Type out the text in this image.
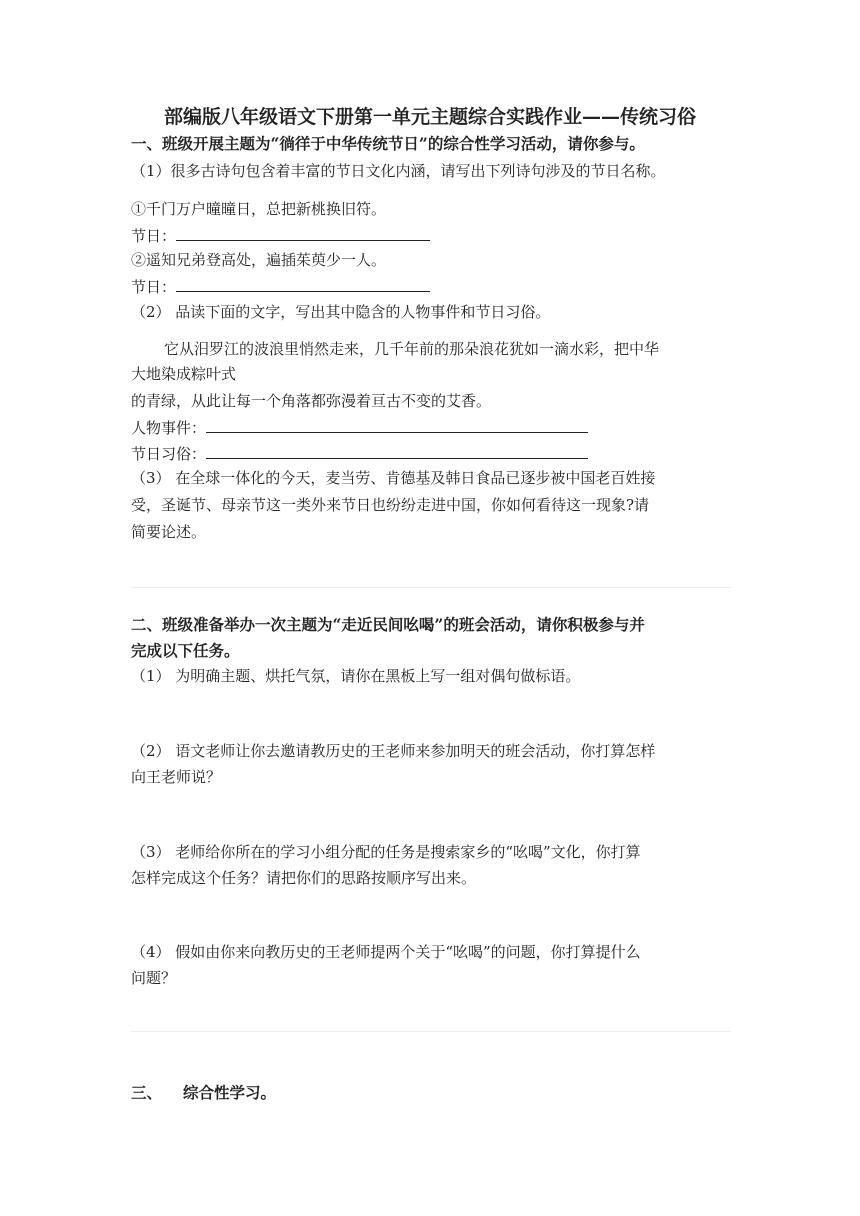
部编版八年级语文下册第一单元主题综合实践作业——传统习俗
一、班级开展主题为“徜徉于中华传统节日”的综合性学习活动，请你参与。
（1）很多古诗句包含着丰富的节日文化内涵，请写出下列诗句涉及的节日名称。
①千门万户曈曈日，总把新桃换旧符。
节日：
②遥知兄弟登高处，遍插茱萸少一人。
节日：
（2） 品读下面的文字，写出其中隐含的人物事件和节日习俗。
它从汨罗江的波浪里悄然走来，几千年前的那朵浪花犹如一滴水彩，把中华
大地染成粽叶式
的青绿，从此让每一个角落都弥漫着亘古不变的艾香。
人物事件：
节日习俗：
（3） 在全球一体化的今天，麦当劳、肯德基及韩日食品已逐步被中国老百姓接
受，圣诞节、母亲节这一类外来节日也纷纷走进中国，你如何看待这一现象?请
简要论述。
二、班级准备举办一次主题为“走近民间吆喝”的班会活动，请你积极参与并
完成以下任务。
（1） 为明确主题、烘托气氛，请你在黑板上写一组对偶句做标语。
（2） 语文老师让你去邀请教历史的王老师来参加明天的班会活动，你打算怎样
向王老师说？
（3） 老师给你所在的学习小组分配的任务是搜索家乡的“吆喝”文化，你打算
怎样完成这个任务？请把你们的思路按顺序写出来。
（4） 假如由你来向教历史的王老师提两个关于“吆喝”的问题，你打算提什么
问题？
三、 综合性学习。
